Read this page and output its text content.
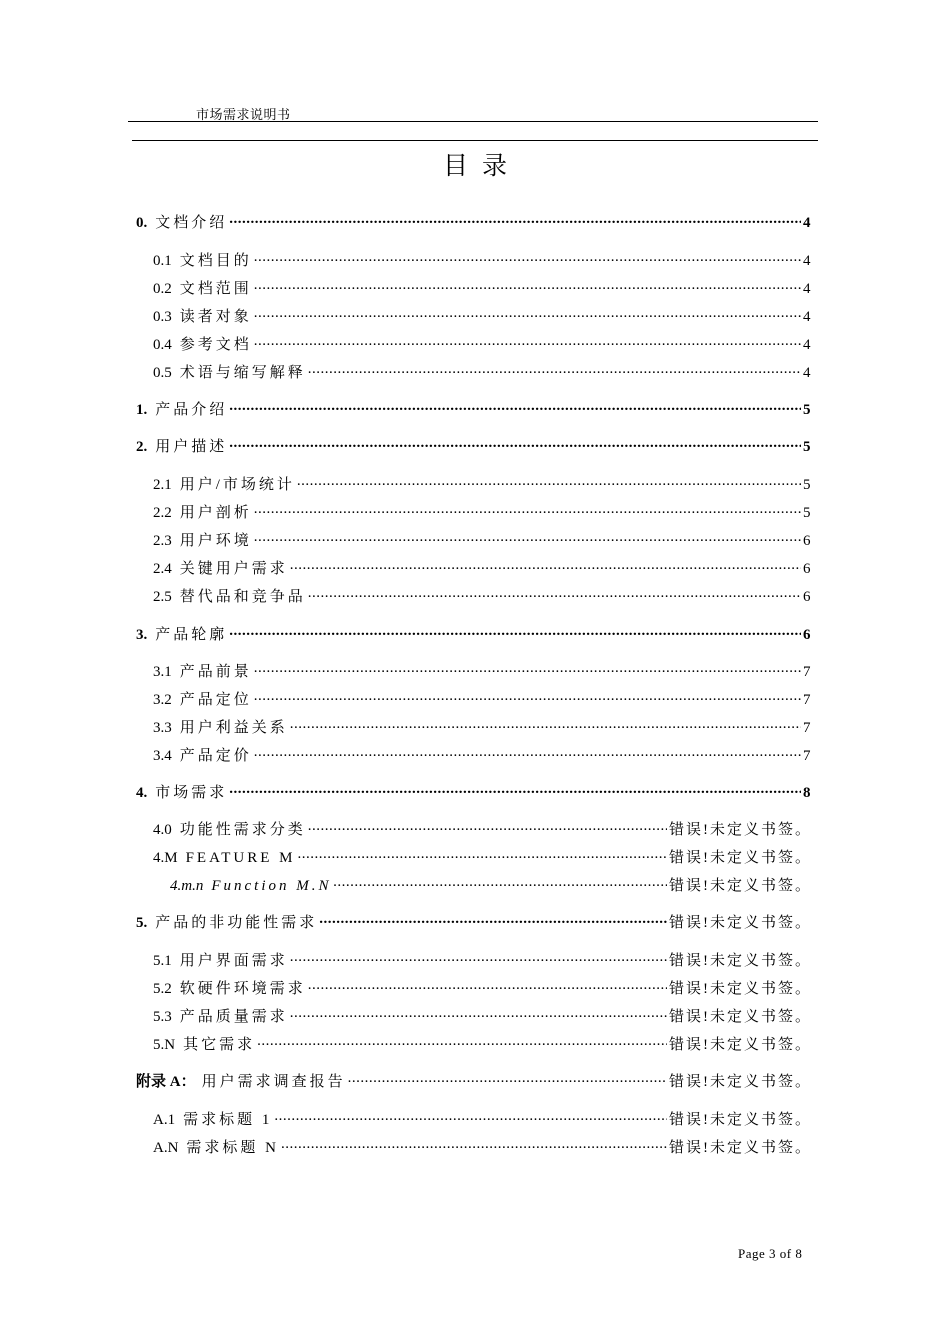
市场需求说明书
目录
0. 文档介绍 .....	4
0.1 文档目的 .....	4
0.2 文档范围 .....	4
0.3 读者对象 .....	4
0.4 参考文档 .....	4
0.5 术语与缩写解释 .....	4
1. 产品介绍 .....	5
2. 用户描述 .....	5
2.1 用户/市场统计 .....	5
2.2 用户剖析 .....	5
2.3 用户环境 .....	6
2.4 关键用户需求 .....	6
2.5 替代品和竞争品 .....	6
3. 产品轮廓 .....	6
3.1 产品前景 .....	7
3.2 产品定位 .....	7
3.3 用户利益关系 .....	7
3.4 产品定价 .....	7
4. 市场需求 .....	8
4.0 功能性需求分类 .....	错误!未定义书签。
4.M FEATURE M .....	错误!未定义书签。
4.m.n Function M.N .....	错误!未定义书签。
5. 产品的非功能性需求 .....	错误!未定义书签。
5.1 用户界面需求 .....	错误!未定义书签。
5.2 软硬件环境需求 .....	错误!未定义书签。
5.3 产品质量需求 .....	错误!未定义书签。
5.N 其它需求 .....	错误!未定义书签。
附录 A： 用户需求调查报告 .....	错误!未定义书签。
A.1 需求标题 1 .....	错误!未定义书签。
A.N 需求标题 N .....	错误!未定义书签。
Page 3 of 8
